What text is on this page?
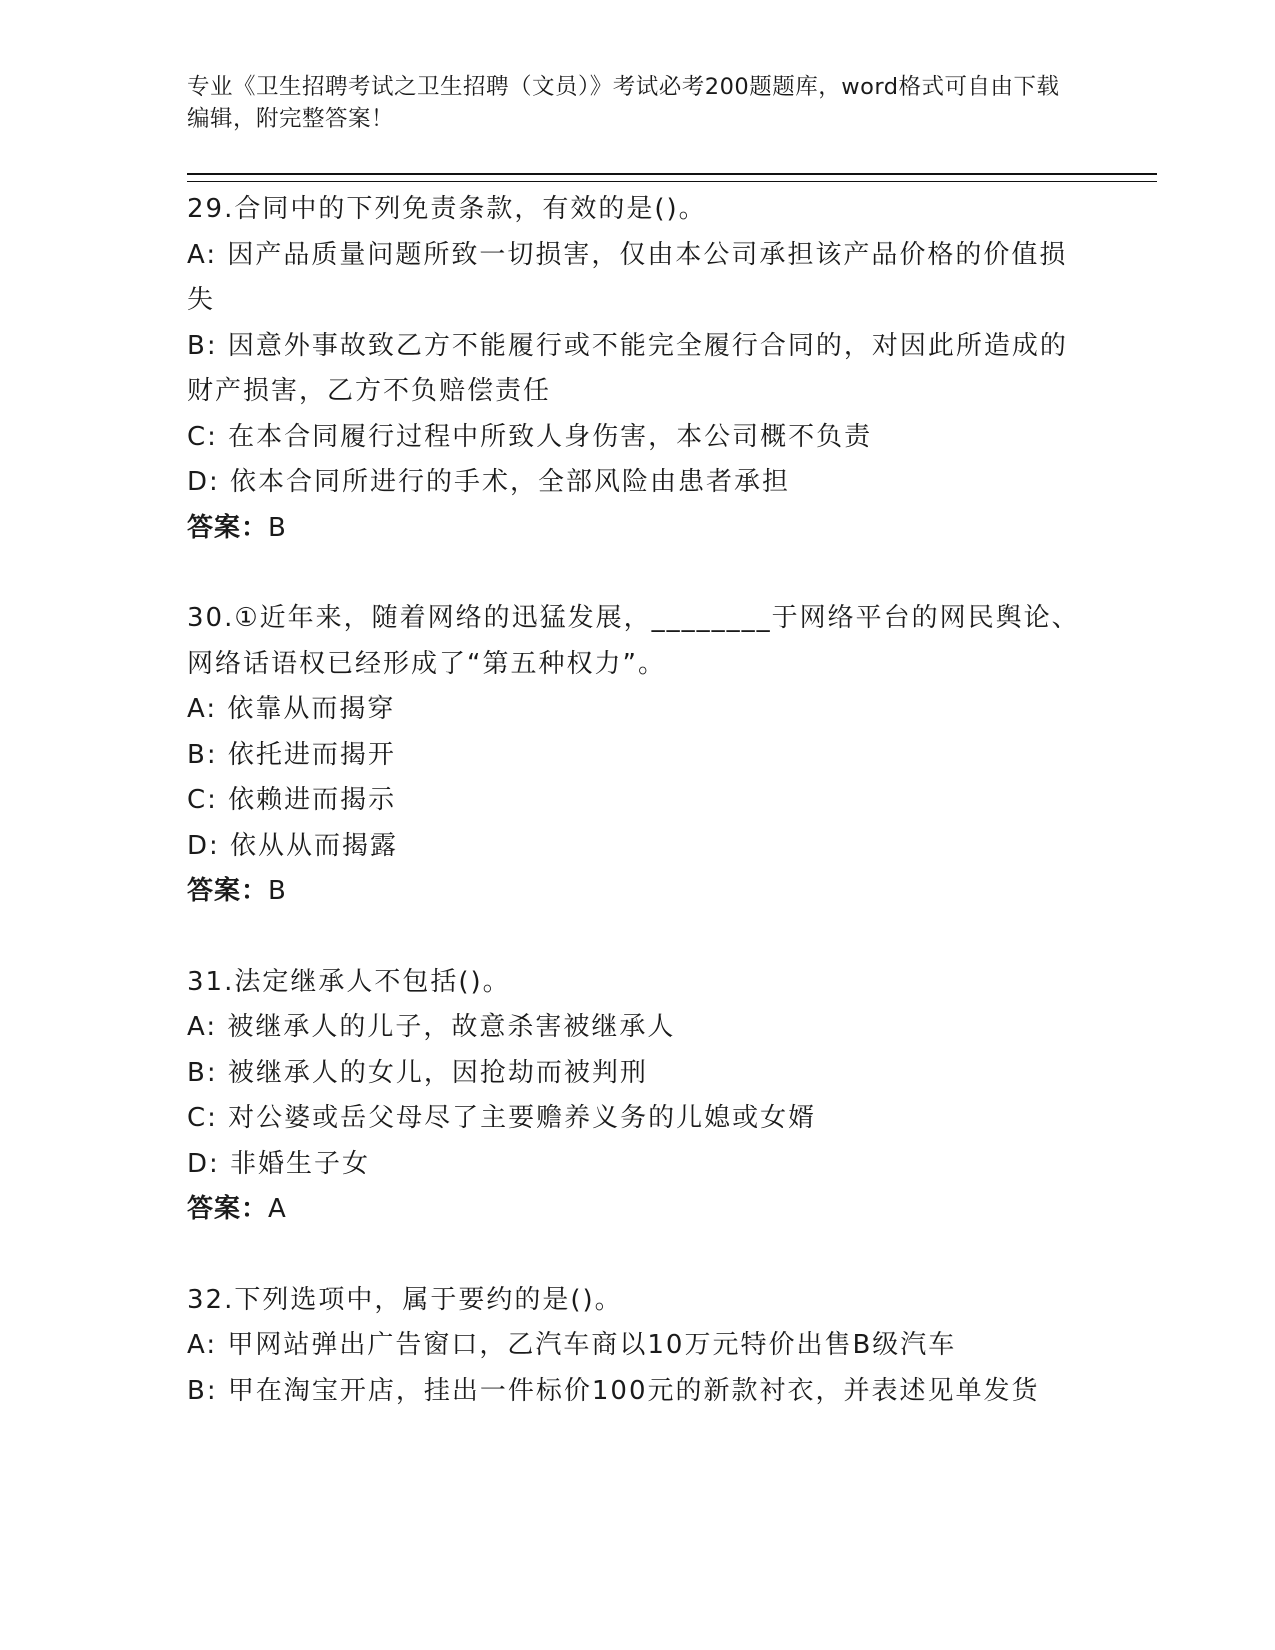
专业《卫生招聘考试之卫生招聘（文员）》考试必考200题题库，word格式可自由下载编辑，附完整答案！
29.合同中的下列免责条款，有效的是()。
A: 因产品质量问题所致一切损害，仅由本公司承担该产品价格的价值损失
B: 因意外事故致乙方不能履行或不能完全履行合同的，对因此所造成的财产损害，乙方不负赔偿责任
C: 在本合同履行过程中所致人身伤害，本公司概不负责
D: 依本合同所进行的手术，全部风险由患者承担
答案：B
30.①近年来，随着网络的迅猛发展，________于网络平台的网民舆论、网络话语权已经形成了“第五种权力”。
A: 依靠从而揭穿
B: 依托进而揭开
C: 依赖进而揭示
D: 依从从而揭露
答案：B
31.法定继承人不包括()。
A: 被继承人的儿子，故意杀害被继承人
B: 被继承人的女儿，因抢劫而被判刑
C: 对公婆或岳父母尽了主要赡养义务的儿媳或女婿
D: 非婚生子女
答案：A
32.下列选项中，属于要约的是()。
A: 甲网站弹出广告窗口，乙汽车商以10万元特价出售B级汽车
B: 甲在淘宝开店，挂出一件标价100元的新款衬衣，并表述见单发货
